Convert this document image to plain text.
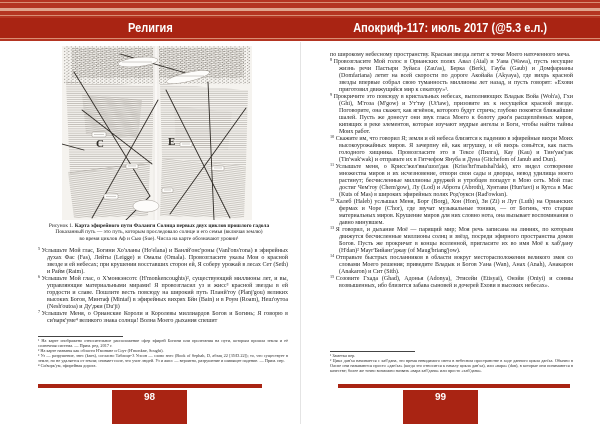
Религия	Апокриф-117: июль 2017 (@5.3 е.л.)
С	Е
Рисунок 1. Карта эфирейного пути Фаланги Солнца первых двух циклов прошлого гадола
Показанный путь — это путь, которым проследовало солнце и его семья (включая землю)
во время циклов Аф и Сью (Sue). Числа на карте обозначают уровни¹

$^5$ Услышьте Мой глас, Богини Хо'эланы (Ho'elana) и Ванлй'онс'роны (Vanl'ons'rona) в эфирейных духах Фас (Fas), Лейты (Leigge) и Омалы (Omala). Провозгласите указы Мои о красной звезде и ей небесах; при крушении восставших сторон ей, Я соберу урожай в лесах Сет (Seth) и Райм (Raim).

$^6$ Услышьте Мой глас, о Х'монкэнсотс (H'monkencoughts)², существующий миллионы лет, и вы, управляющие материальными мирами! Я провозгласил уз и жисс³ красной звезды в ей гордости и славе. Пошлите весть повсюду на широкий путь Планй'гоу (Planj'gou) великих высоких Богов, Минтаф (Mintaf) в эфирейных вихрях Бйн (Bain) и в Роум (Roam), Неш'оутоа (Nesh'outoa) и Ду'джи (Du'ji)

$^7$ Услышьте Меня, о Орианские Короли и Королевы миллиардов Богов и Богинь; Я говорю в си'варк'уме⁴ великого знака солнца! Волна Моего дыхания спешит

¹ На карте изображено относительное расположение сфер эфирей Богини или пролегания на пути, которым прошла земля и её солнечная система. — Прим. ред. 2017 г.

² На карте названы как области Н'монкне и Соут (H'monkne, Sought).

³ Уз — разрушение, знес (knes), согласно Таблице-3 Упсон — слово знес (Book of Sephah, D, абзац 22 [35/D.22]); то, что существует в земле, но не удаляется от земли; снимает поле, что учит людей. Уз и жисс — вероятно, разрушение и шипящее падение. — Прим. пер.

⁴ Си'ворк'ум, эфирейная дорога.

98

по широкому небесному пространству. Красная звезда летит к точке Моего наточенного меча.

$^8$ Провозгласите Мой голос в Орианских полях Авал (Atal) и Уава (Wawa), пусть несущие жизнь речи Пастыри Зуйаса (Zau'as), Берка (Berk), Гауба (Gaub) и Домфарианы (Domfariana) летят на всей скорости по дороге Акойайа (Akyaya), где вихрь красной звезды впервые собрал свою туманность миллионы лет назад, и пусть говорят: «Ехови приготовил движущийся мир к секатору»¹.

$^9$ Прокричите это повсюду в кристальных небесах, выполняющих Владык Войа (Woh'a), Гхи (Ghi), М'гоза (M'gow) и Ут'тау (Ut'taw), призовите их к несущейся красной звезде. Поговорите, она скажет, как ягнёнок, которого будут стричь; глубоко покоятся ближайшие шалей. Пусть же донесут они звук гласа Моего к болоту джи'я расщеплённых миров, кипящих в реке элементов, которые изучают мудрые ангелы и Боги, чтобы найти тайны Моих работ.

$^{10}$ Скажите им, что говорил Я; земля и ей небеса близятся к падению в эфирейные вихри Моих высокоурожайных миров. Я зачерпну ей, как игрушку, и ей вихрь совьётся, как пасть голодного хищника. Провозгласите это в Тексе (Пилга), Кау (Kau) и Тин'уак'уак (Tin'wak'wak) и отправьте их в Гитчефом Януба и Дуна (Gitchefom of Janub and Dun).

$^{11}$ Услышьте меня, о Крисс'жел'виа'шол'дак (Kriss'hri'matshal'dak), кто видел сотворение множества миров и их исчезновение, отвори свои сады и дворцы, невод удилища моего растянут; бесчисленные миллионы друджей и утробцев попадут в Мою сеть. Мой глас достиг Чем'гоу (Chem'gow), Лу (Lod) и Аброта (Abroth), Хунтави (Hun'tavi) и Кутса в Мас (Kuts of Mas) в широких эфирейных полях Род'оуксн (Rad'owksn).

$^{12}$ Халеб (Haleb) услышал Меня, Борг (Borg), Хон (Hon), Зи (Zi) и Лут (Luth) на Орианских фермах и Чоре (C'hor), где звучат музыкальные тоники, — от Богинь, что старше материальных миров. Крушение миров для них словно нота, она вызывает воспоминания о давно минувшем.

$^{13}$ Я говорил, и дыхание Моё — парящий мир; Моя речь записана на линиях, по которым движутся бесчисленные миллионы солнц и звёзд, посреди эфирного пространства домов Богов. Пусть же прокричат в концы вселенной, пригласите их во имя Моё к хаб'дану (H'dan)² Мауг'Бийанг'джау (of Maug'briang'jow).

$^{14}$ Отправьте быстрых посланников в области вокруг месторасположения великого змея со словами Моего решения; приведите Владык и Богов Уана (Wan), Анах (Anah), Анакарон (Anakaron) и Сит (Sith).

$^{15}$ Созовите Гхада (Ghad), Адонья (Adonya), Этисейи (Etisyai), Онэйи (Oniyi) и сонмы возвышенных, ибо близится забава сыновей и дочерей Ехови в высоких небесах».

¹ Заметка пер.

² Цикл дан'ха начинается с хаб'дана, это время невидимого света в небесном пространстве в ходе данного цикла дан'ха. Обычно в Оаспе они называются просто «дан'ха» (когда это относится к началу цикла дан'ха), или «вара» (dan), в которые они понимаются в качестве; более же точно возможно назвать «вара хаб'дана» или просто «хаб'дана».

99
